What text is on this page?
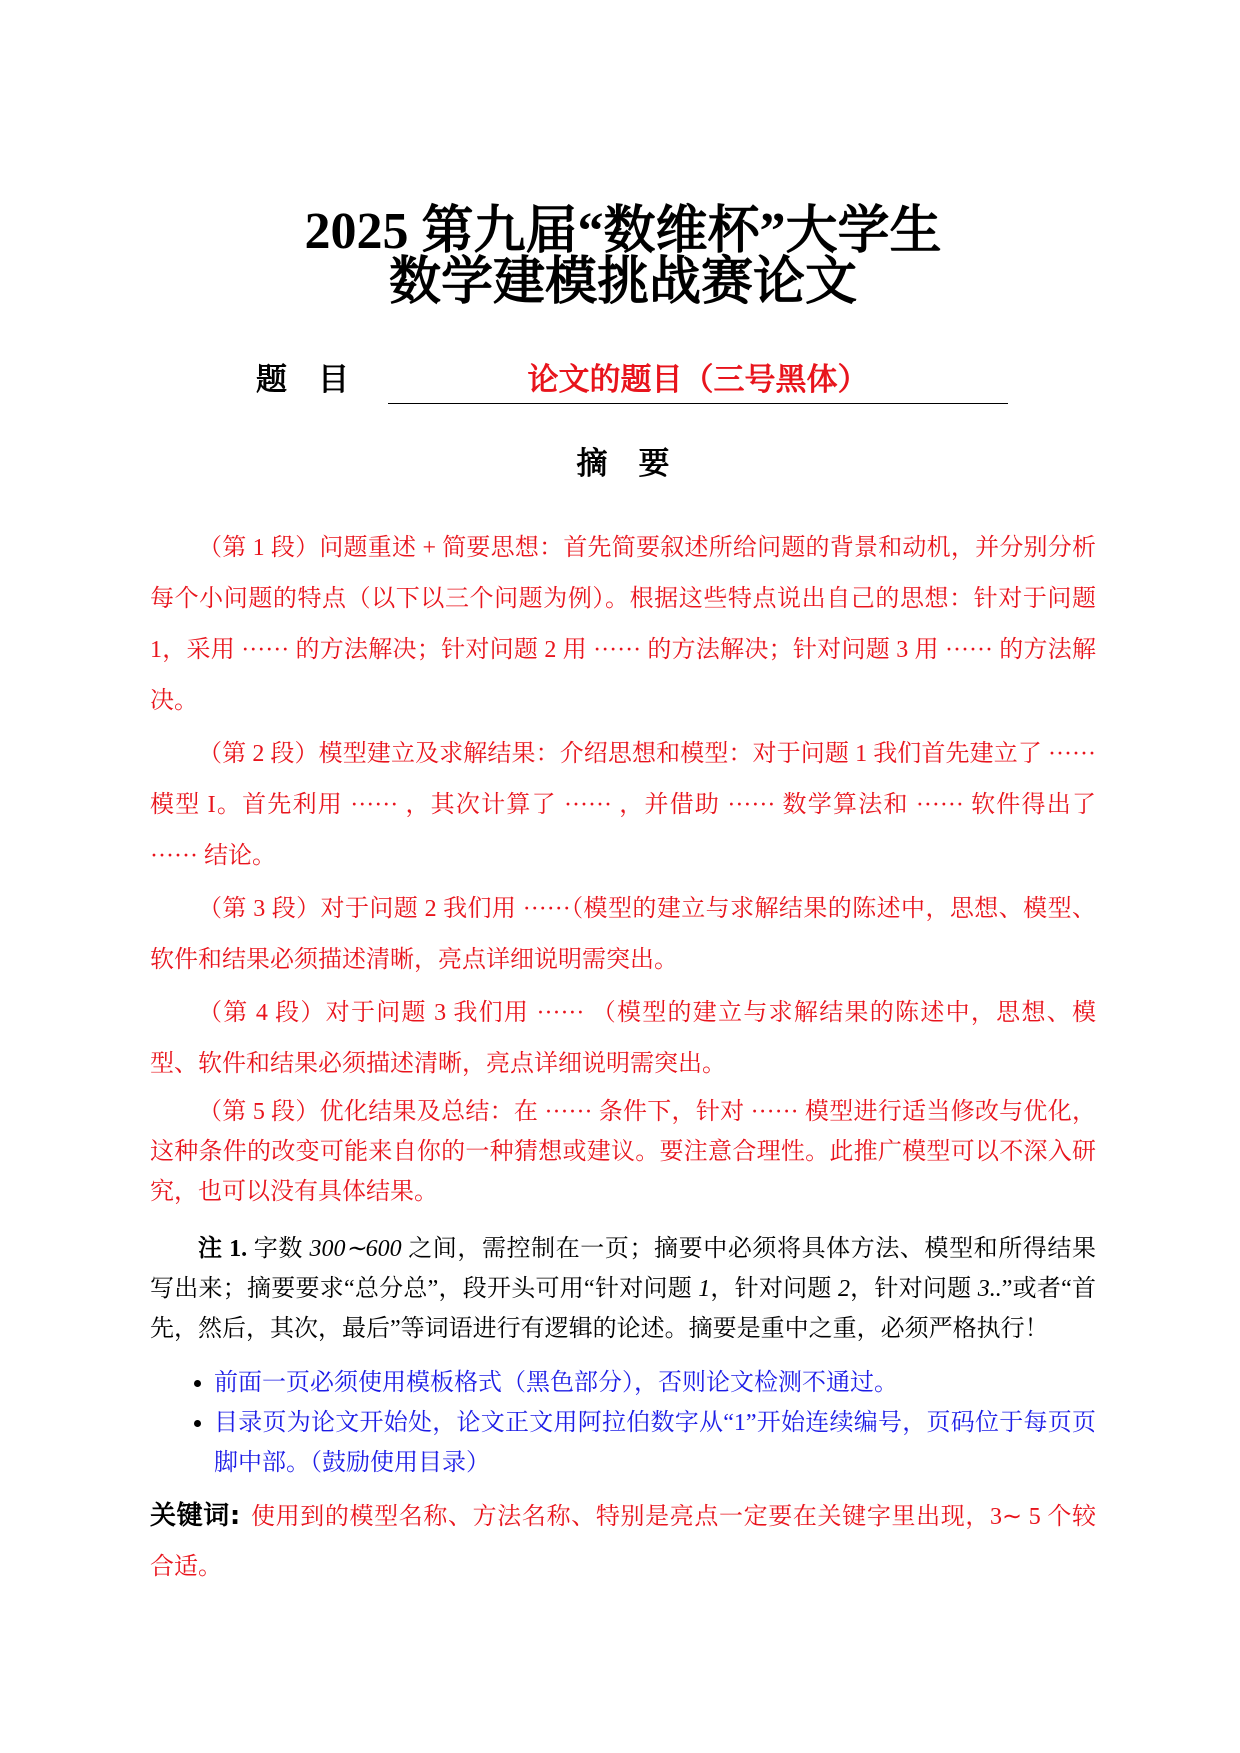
2025 第九届“数维杯”大学生
数学建模挑战赛论文
题　目	论文的题目（三号黑体）
摘　要

（第 1 段）问题重述 + 简要思想：首先简要叙述所给问题的背景和动机，并分别分析每个小问题的特点（以下以三个问题为例）。根据这些特点说出自己的思想：针对于问题 1，采用 ······ 的方法解决；针对问题 2 用 ······ 的方法解决；针对问题 3 用 ······ 的方法解决。

（第 2 段）模型建立及求解结果：介绍思想和模型：对于问题 1 我们首先建立了 ······ 模型 I。首先利用 ······ ，其次计算了 ······ ，并借助 ······ 数学算法和 ······ 软件得出了 ······ 结论。

（第 3 段）对于问题 2 我们用 ······（模型的建立与求解结果的陈述中，思想、模型、软件和结果必须描述清晰，亮点详细说明需突出。

（第 4 段）对于问题 3 我们用 ······ （模型的建立与求解结果的陈述中，思想、模型、软件和结果必须描述清晰，亮点详细说明需突出。

（第 5 段）优化结果及总结：在 ······ 条件下，针对 ······ 模型进行适当修改与优化，这种条件的改变可能来自你的一种猜想或建议。要注意合理性。此推广模型可以不深入研究，也可以没有具体结果。

注 1. 字数 300∼600 之间，需控制在一页；摘要中必须将具体方法、模型和所得结果写出来；摘要要求“总分总”，段开头可用“针对问题 1，针对问题 2，针对问题 3..”或者“首先，然后，其次，最后”等词语进行有逻辑的论述。摘要是重中之重，必须严格执行！

前面一页必须使用模板格式（黑色部分），否则论文检测不通过。
目录页为论文开始处，论文正文用阿拉伯数字从“1”开始连续编号，页码位于每页页脚中部。（鼓励使用目录）

关键词: 使用到的模型名称、方法名称、特别是亮点一定要在关键字里出现，3∼ 5 个较合适。
